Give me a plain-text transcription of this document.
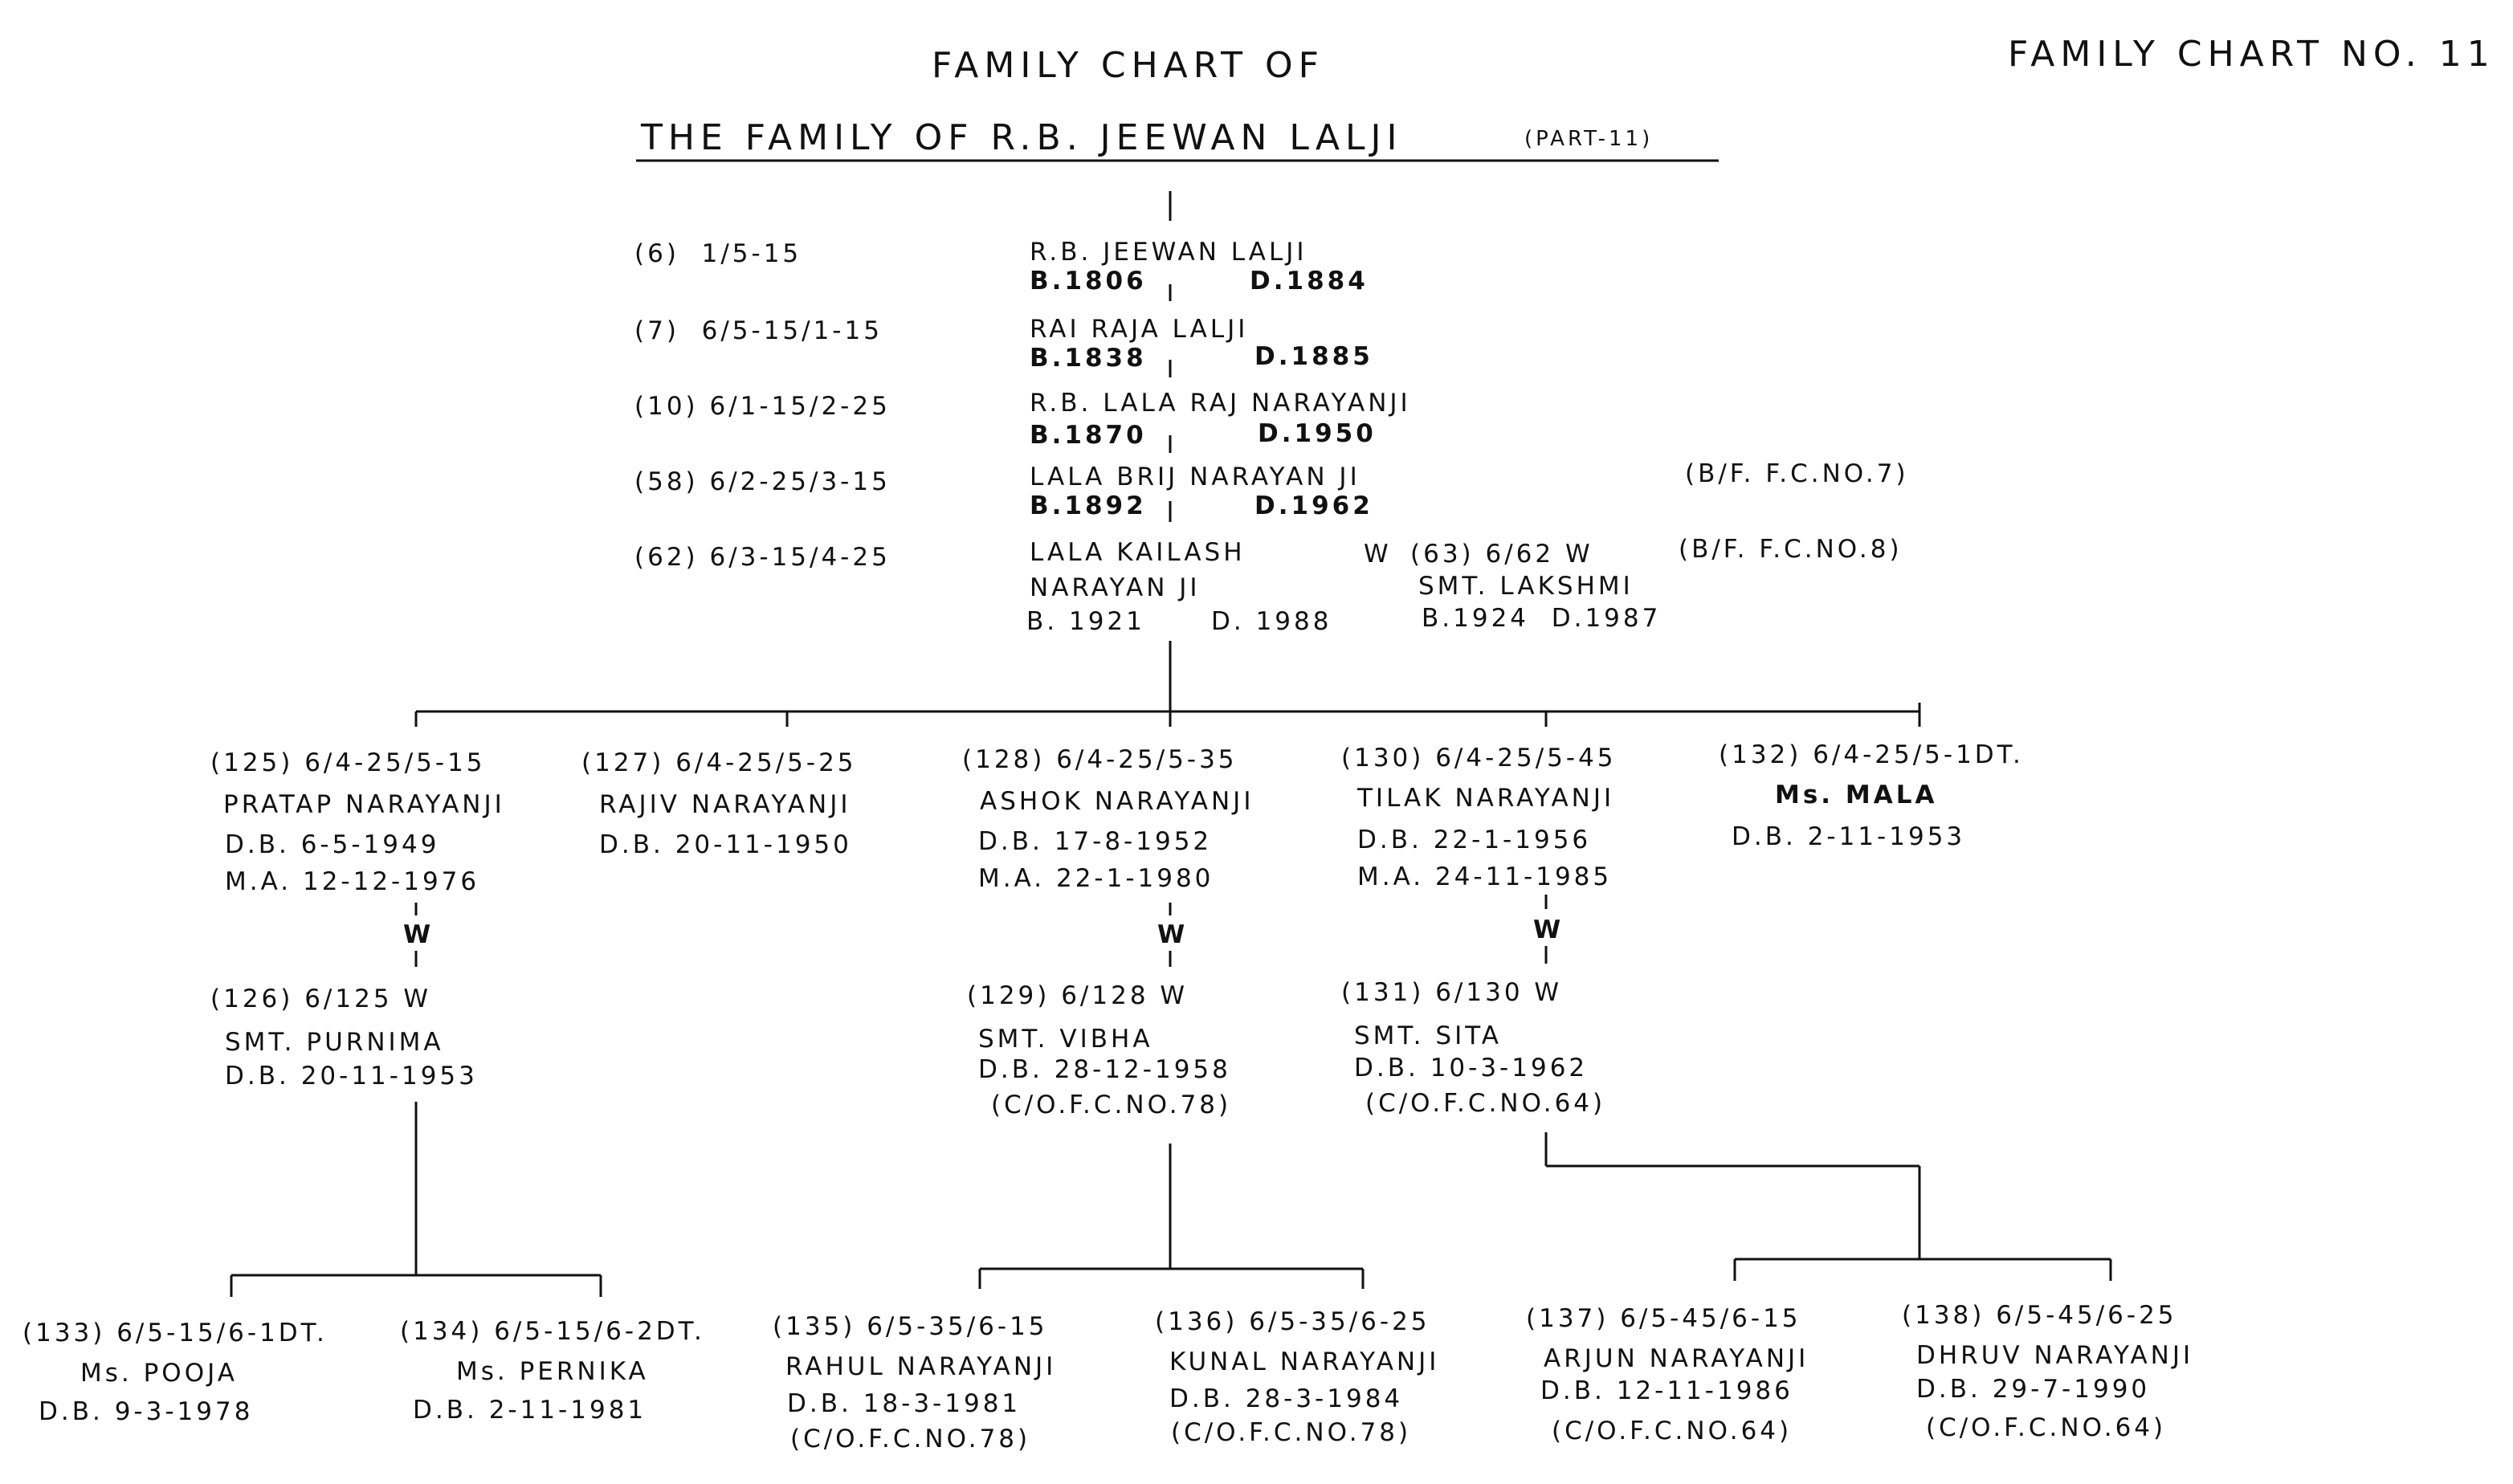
FAMILY CHART OF
THE FAMILY OF R.B. JEEWAN LALJI	(PART-11)
FAMILY CHART NO. 11
(6)  1/5-15	R.B. JEEWAN LALJI
B.1806	D.1884
(7)  6/5-15/1-15	RAI RAJA LALJI
B.1838	D.1885
(10) 6/1-15/2-25	R.B. LALA RAJ NARAYANJI
B.1870	D.1950
(58) 6/2-25/3-15	LALA BRIJ NARAYAN JI
B.1892	D.1962
(B/F. F.C.NO.7)
(62) 6/3-15/4-25	LALA KAILASH
NARAYAN JI
B. 1921	D. 1988
W (63) 6/62 W
SMT. LAKSHMI
B.1924  D.1987
(B/F. F.C.NO.8)
(125) 6/4-25/5-15
PRATAP NARAYANJI
D.B. 6-5-1949
M.A. 12-12-1976
(127) 6/4-25/5-25
RAJIV NARAYANJI
D.B. 20-11-1950
(128) 6/4-25/5-35
ASHOK NARAYANJI
D.B. 17-8-1952
M.A. 22-1-1980
(130) 6/4-25/5-45
TILAK NARAYANJI
D.B. 22-1-1956
M.A. 24-11-1985
(132) 6/4-25/5-1DT.
Ms. MALA
D.B. 2-11-1953
W	W	W
(126) 6/125 W
SMT. PURNIMA
D.B. 20-11-1953
(129) 6/128 W
SMT. VIBHA
D.B. 28-12-1958
(C/O.F.C.NO.78)
(131) 6/130 W
SMT. SITA
D.B. 10-3-1962
(C/O.F.C.NO.64)
(133) 6/5-15/6-1DT.
Ms. POOJA
D.B. 9-3-1978
(134) 6/5-15/6-2DT.
Ms. PERNIKA
D.B. 2-11-1981
(135) 6/5-35/6-15
RAHUL NARAYANJI
D.B. 18-3-1981
(C/O.F.C.NO.78)
(136) 6/5-35/6-25
KUNAL NARAYANJI
D.B. 28-3-1984
(C/O.F.C.NO.78)
(137) 6/5-45/6-15
ARJUN NARAYANJI
D.B. 12-11-1986
(C/O.F.C.NO.64)
(138) 6/5-45/6-25
DHRUV NARAYANJI
D.B. 29-7-1990
(C/O.F.C.NO.64)
